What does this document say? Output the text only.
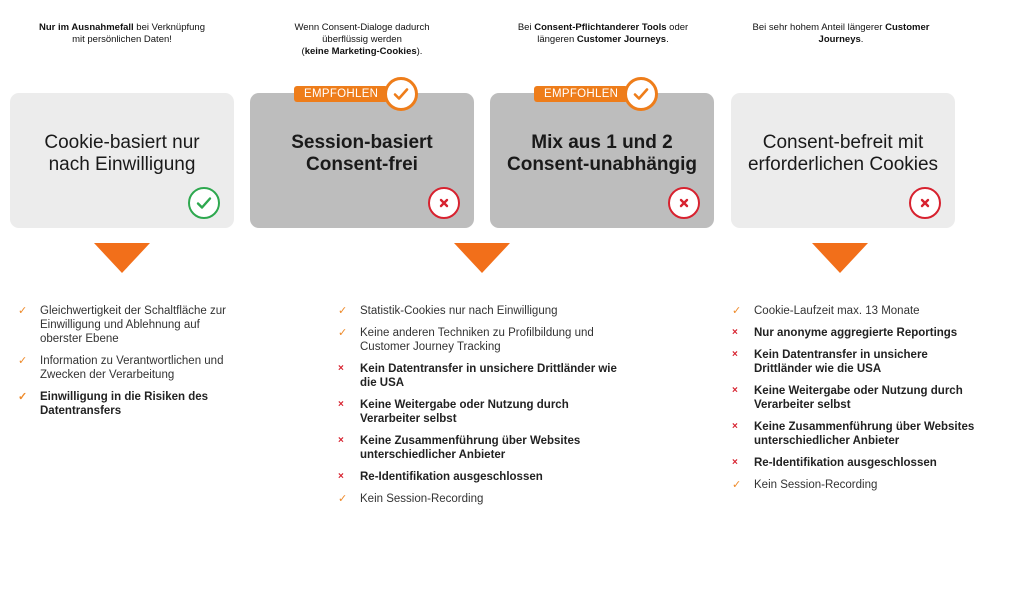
Nur im Ausnahmefall bei Verknüpfung
mit persönlichen Daten!
Wenn Consent-Dialoge dadurch
überflüssig werden
(keine Marketing-Cookies).
Bei Consent-Pflichtanderer Tools oder
längeren Customer Journeys.
Bei sehr hohem Anteil längerer Customer
Journeys.
Cookie-basiert nur
nach Einwilligung
EMPFOHLEN
Session-basiert
Consent-frei
EMPFOHLEN
Mix aus 1 und 2
Consent-unabhängig
Consent-befreit mit
erforderlichen Cookies
✓ Gleichwertigkeit der Schaltfläche zur Einwilligung und Ablehnung auf oberster Ebene
✓ Information zu Verantwortlichen und Zwecken der Verarbeitung
✓ Einwilligung in die Risiken des Datentransfers
✓ Statistik-Cookies nur nach Einwilligung
✓ Keine anderen Techniken zu Profilbildung und Customer Journey Tracking
× Kein Datentransfer in unsichere Drittländer wie die USA
× Keine Weitergabe oder Nutzung durch Verarbeiter selbst
× Keine Zusammenführung über Websites unterschiedlicher Anbieter
× Re-Identifikation ausgeschlossen
✓ Kein Session-Recording
✓ Cookie-Laufzeit max. 13 Monate
× Nur anonyme aggregierte Reportings
× Kein Datentransfer in unsichere Drittländer wie die USA
× Keine Weitergabe oder Nutzung durch Verarbeiter selbst
× Keine Zusammenführung über Websites unterschiedlicher Anbieter
× Re-Identifikation ausgeschlossen
✓ Kein Session-Recording
